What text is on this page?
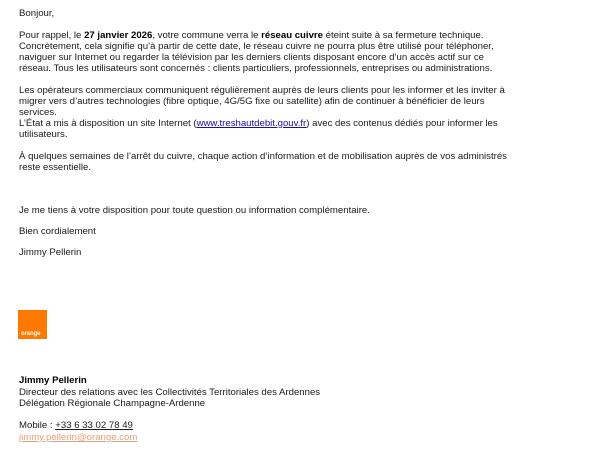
Bonjour,
Pour rappel, le 27 janvier 2026, votre commune verra le réseau cuivre éteint suite à sa fermeture technique.
Concrètement, cela signifie qu’à partir de cette date, le réseau cuivre ne pourra plus être utilisé pour téléphoner,
naviguer sur Internet ou regarder la télévision par les derniers clients disposant encore d’un accès actif sur ce
réseau. Tous les utilisateurs sont concernés : clients particuliers, professionnels, entreprises ou administrations.
Les opérateurs commerciaux communiquent régulièrement auprès de leurs clients pour les informer et les inviter à
migrer vers d’autres technologies (fibre optique, 4G/5G fixe ou satellite) afin de continuer à bénéficier de leurs
services.
L’État a mis à disposition un site Internet (www.treshautdebit.gouv.fr) avec des contenus dédiés pour informer les
utilisateurs.
À quelques semaines de l’arrêt du cuivre, chaque action d’information et de mobilisation auprès de vos administrés
reste essentielle.
Je me tiens à votre disposition pour toute question ou information complémentaire.
Bien cordialement
Jimmy Pellerin
Jimmy Pellerin
Directeur des relations avec les Collectivités Territoriales des Ardennes
Délégation Régionale Champagne-Ardenne
Mobile : +33 6 33 02 78 49
jimmy.pellerin@orange.com
orange
